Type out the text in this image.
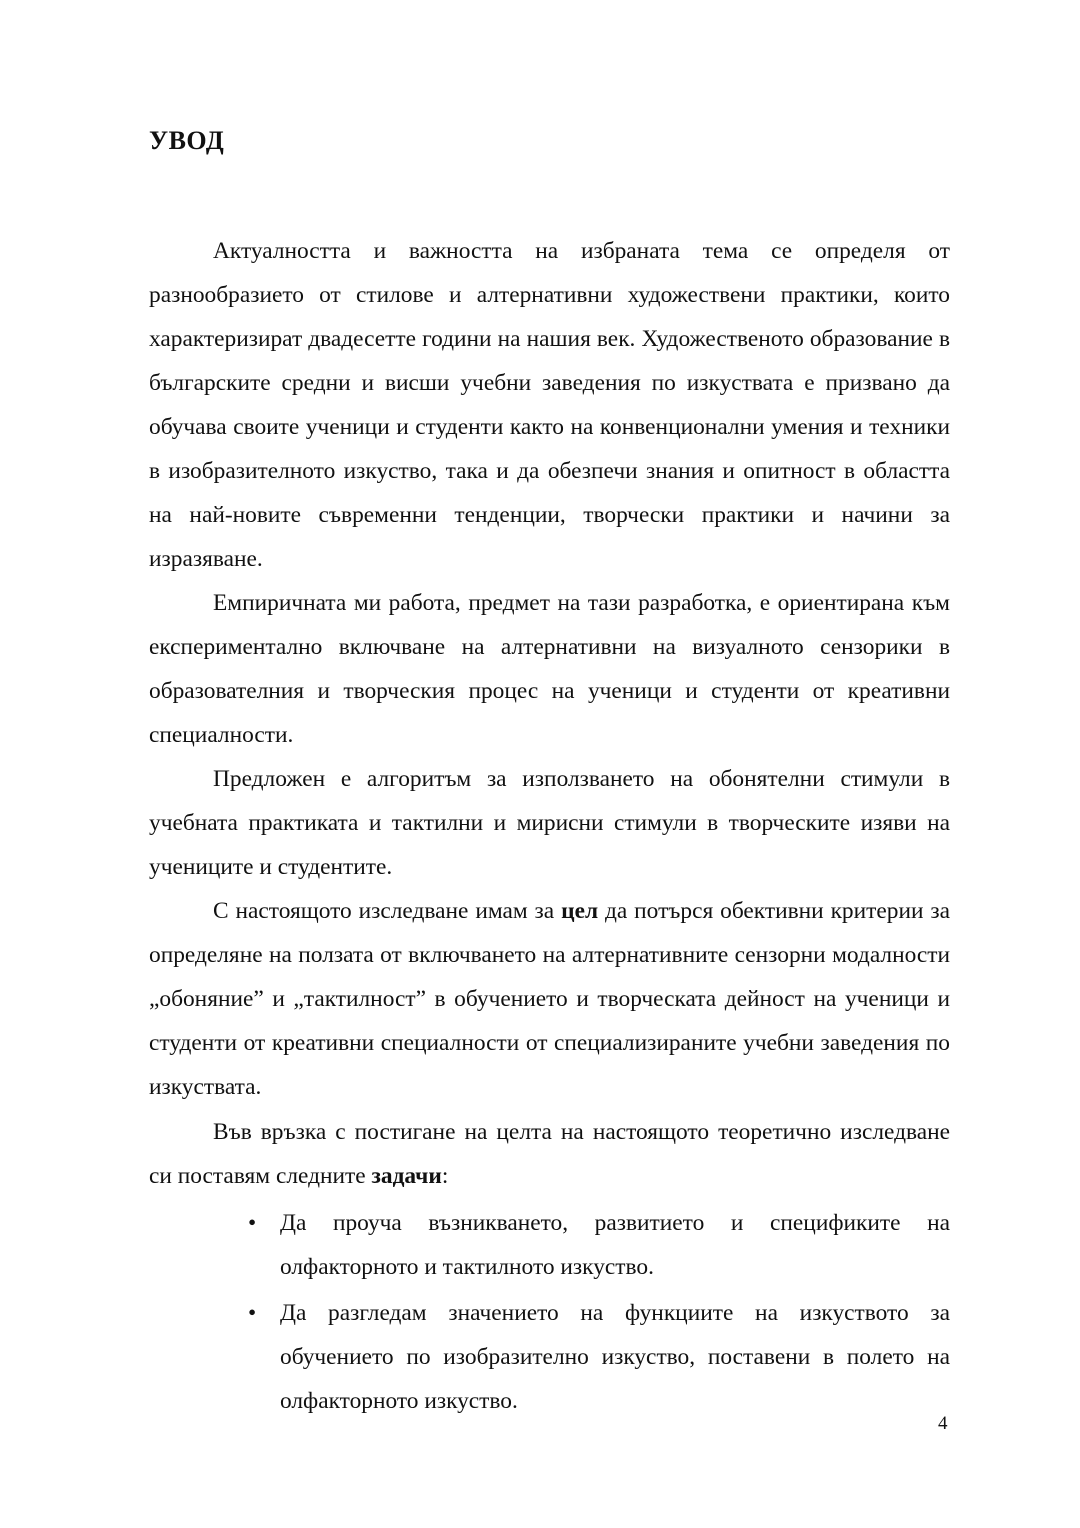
УВОД

Актуалността и важността на избраната тема се определя от разнообразието от стилове и алтернативни художествени практики, които характеризират двадесетте години на нашия век. Художественото образование в българските средни и висши учебни заведения по изкуствата е призвано да обучава своите ученици и студенти както на конвенционални умения и техники в изобразителното изкуство, така и да обезпечи знания и опитност в областта на най-новите съвременни тенденции, творчески практики и начини за изразяване.

Емпиричната ми работа, предмет на тази разработка, е ориентирана към експериментално включване на алтернативни на визуалното сензорики в образователния и творческия процес на ученици и студенти от креативни специалности.

Предложен е алгоритъм за използването на обонятелни стимули в учебната практиката и тактилни и мирисни стимули в творческите изяви на учениците и студентите.

С настоящото изследване имам за цел да потърся обективни критерии за определяне на ползата от включването на алтернативните сензорни модалности „обоняние” и „тактилност” в обучението и творческата дейност на ученици и студенти от креативни специалности от специализираните учебни заведения по изкуствата.

Във връзка с постигане на целта на настоящото теоретично изследване си поставям следните задачи:

• Да проуча възникването, развитието и спецификите на олфакторното и тактилното изкуство.
• Да разгледам значението на функциите на изкуството за обучението по изобразително изкуство, поставени в полето на олфакторното изкуство.
4
